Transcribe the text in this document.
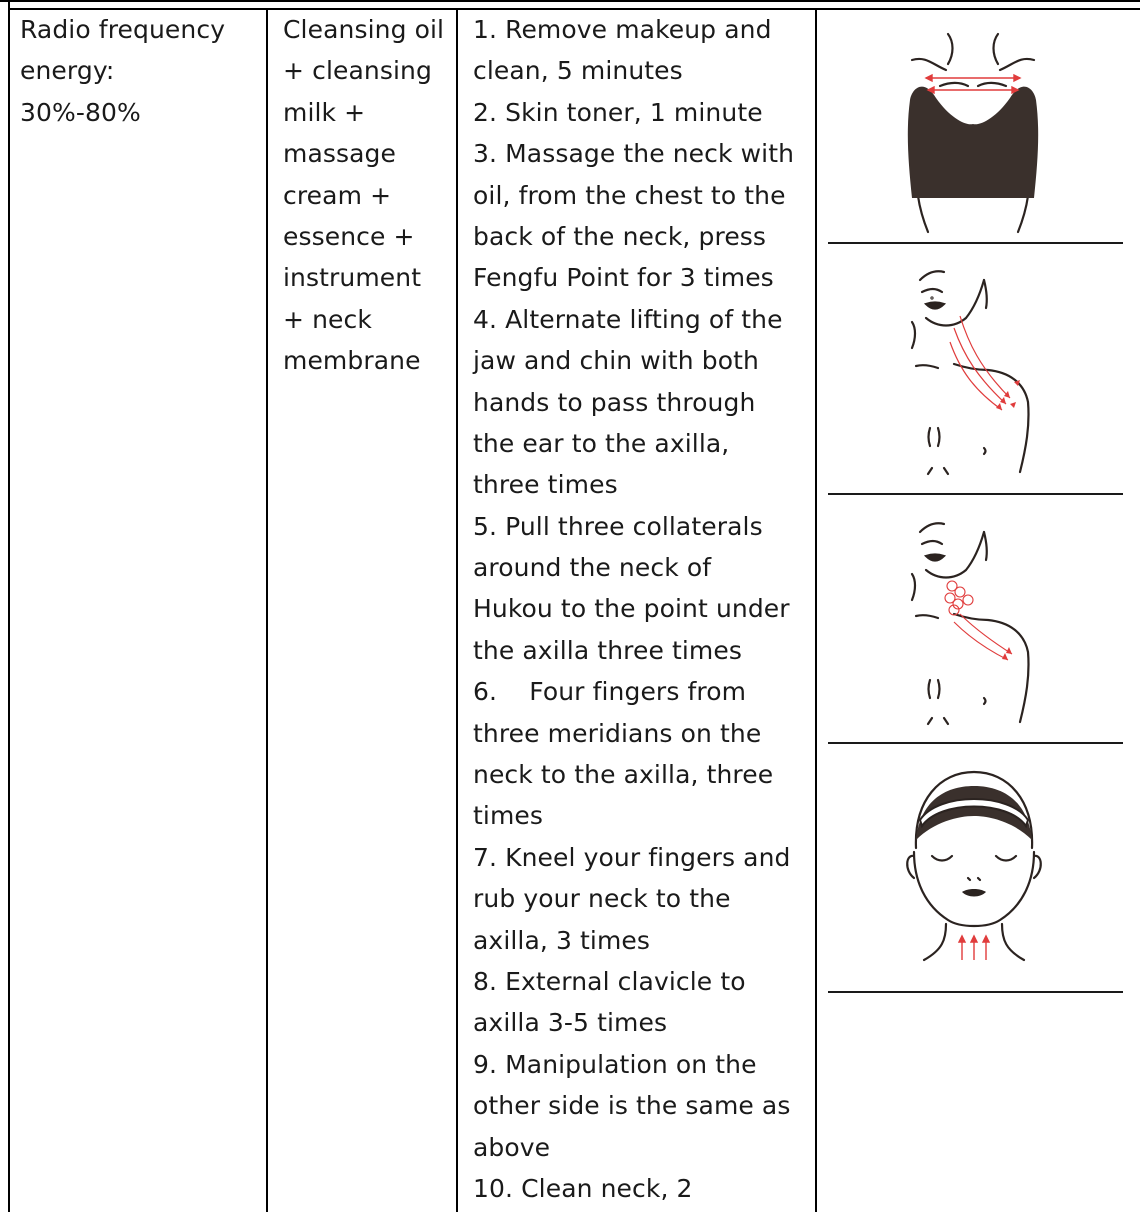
Radio frequency
energy:
30%-80%
Cleansing oil
+ cleansing
milk +
massage
cream +
essence +
instrument
+ neck
membrane
1. Remove makeup and
clean, 5 minutes
2. Skin toner, 1 minute
3. Massage the neck with
oil, from the chest to the
back of the neck, press
Fengfu Point for 3 times
4. Alternate lifting of the
jaw and chin with both
hands to pass through
the ear to the axilla,
three times
5. Pull three collaterals
around the neck of
Hukou to the point under
the axilla three times
6.    Four fingers from
three meridians on the
neck to the axilla, three
times
7. Kneel your fingers and
rub your neck to the
axilla, 3 times
8. External clavicle to
axilla 3-5 times
9. Manipulation on the
other side is the same as
above
10. Clean neck, 2
